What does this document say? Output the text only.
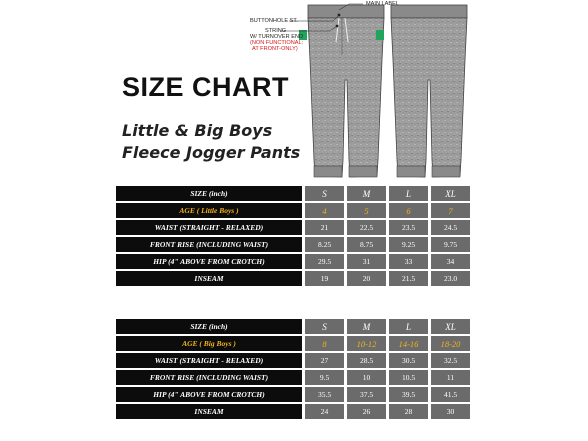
MAIN LABEL
BUTTONHOLE ST.
STRING
W/ TURNOVER END
(NON FUNCTIONAL:
AT FRONT-ONLY)
SIZE CHART
Little & Big Boys
Fleece Jogger Pants
SIZE (inch)	S	M	L	XL
AGE ( Little Boys )	4	5	6	7
WAIST (STRAIGHT - RELAXED)	21	22.5	23.5	24.5
FRONT RISE (INCLUDING WAIST)	8.25	8.75	9.25	9.75
HIP (4" ABOVE FROM CROTCH)	29.5	31	33	34
INSEAM	19	20	21.5	23.0
SIZE (inch)	S	M	L	XL
AGE ( Big Boys )	8	10-12	14-16	18-20
WAIST (STRAIGHT - RELAXED)	27	28.5	30.5	32.5
FRONT RISE (INCLUDING WAIST)	9.5	10	10.5	11
HIP (4" ABOVE FROM CROTCH)	35.5	37.5	39.5	41.5
INSEAM	24	26	28	30
